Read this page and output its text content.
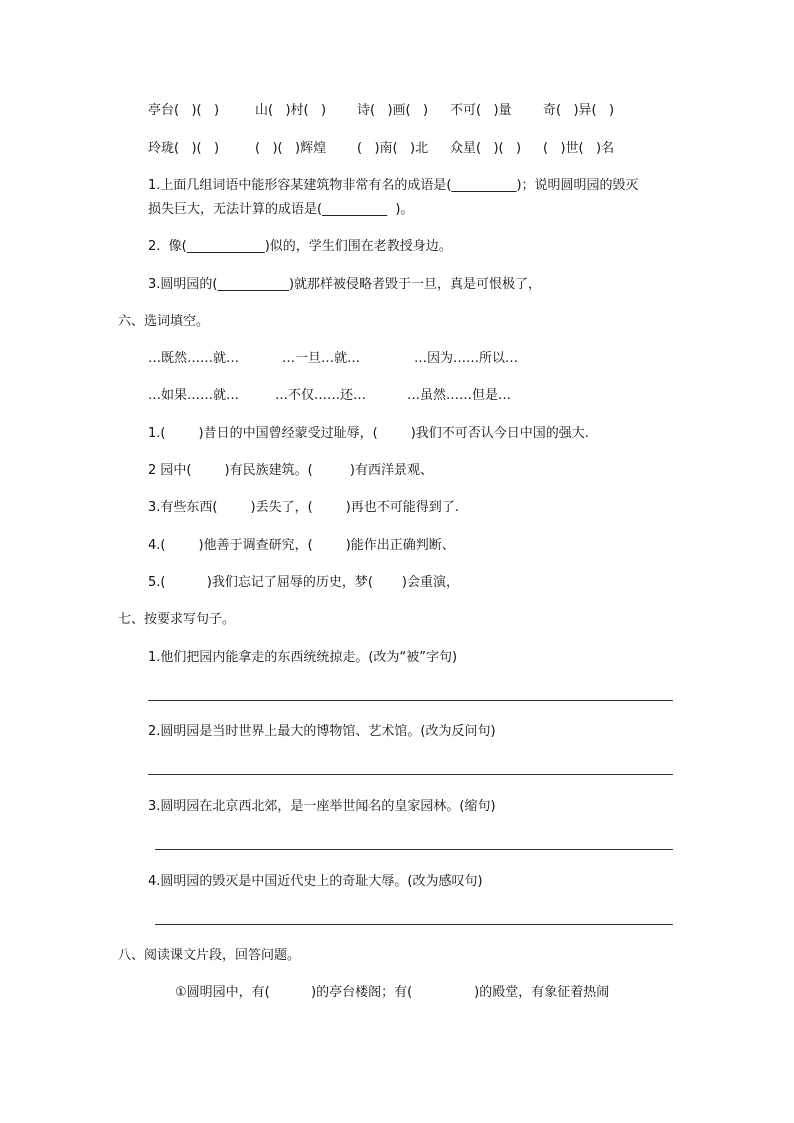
亭台(   )(   )	山(   )村(   ) 诗(   )画(   ) 不可(   )量 奇(   )异(   )
玲珑(   )(   )	(   )(   )辉煌 (   )南(   )北 众星(   )(   ) (   )世(   )名
1.上面几组词语中能形容某建筑物非常有名的成语是(__________)；说明圆明园的毁灭
损失巨大，无法计算的成语是(__________  )。
2.  像(____________)似的，学生们围在老教授身边。
3.圆明园的(___________)就那样被侵略者毁于一旦，真是可恨极了，
六、选词填空。
…既然……就…	…一旦…就…	…因为……所以…
…如果……就…	…不仅……还…	…虽然……但是…
1.(        )昔日的中国曾经蒙受过耻辱，(        )我们不可否认今日中国的强大.
2 园中(        )有民族建筑。(         )有西洋景观、
3.有些东西(        )丢失了，(        )再也不可能得到了.
4.(        )他善于调查研究，(        )能作出正确判断、
5.(          )我们忘记了屈辱的历史，梦(       )会重演，
七、按要求写句子。
1.他们把园内能拿走的东西统统掠走。(改为“被”字句)
2.圆明园是当时世界上最大的博物馆、艺术馆。(改为反问句)
3.圆明园在北京西北郊，是一座举世闻名的皇家园林。(缩句)
4.圆明园的毁灭是中国近代史上的奇耻大辱。(改为感叹句)
八、阅读课文片段，回答问题。
①圆明园中，有(          )的亭台楼阁；有(               )的殿堂，有象征着热闹
